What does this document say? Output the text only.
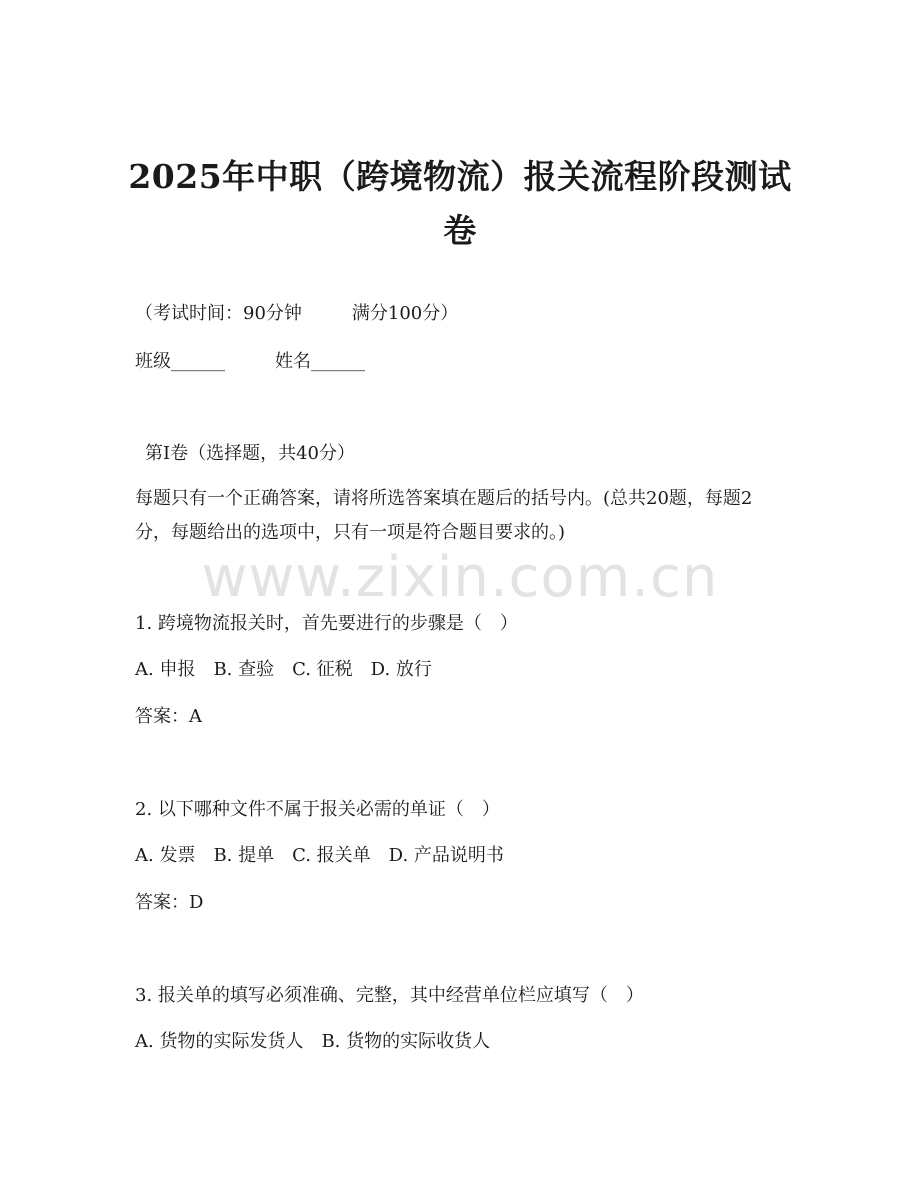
2025年中职（跨境物流）报关流程阶段测试卷
（考试时间：90分钟	满分100分）
班级______	姓名______
第I卷（选择题，共40分）
每题只有一个正确答案，请将所选答案填在题后的括号内。(总共20题，每题2分，每题给出的选项中，只有一项是符合题目要求的。)
www.zixin.com.cn
1. 跨境物流报关时，首先要进行的步骤是（　）
A. 申报　B. 查验　C. 征税　D. 放行
答案：A
2. 以下哪种文件不属于报关必需的单证（　）
A. 发票　B. 提单　C. 报关单　D. 产品说明书
答案：D
3. 报关单的填写必须准确、完整，其中经营单位栏应填写（　）
A. 货物的实际发货人　B. 货物的实际收货人
